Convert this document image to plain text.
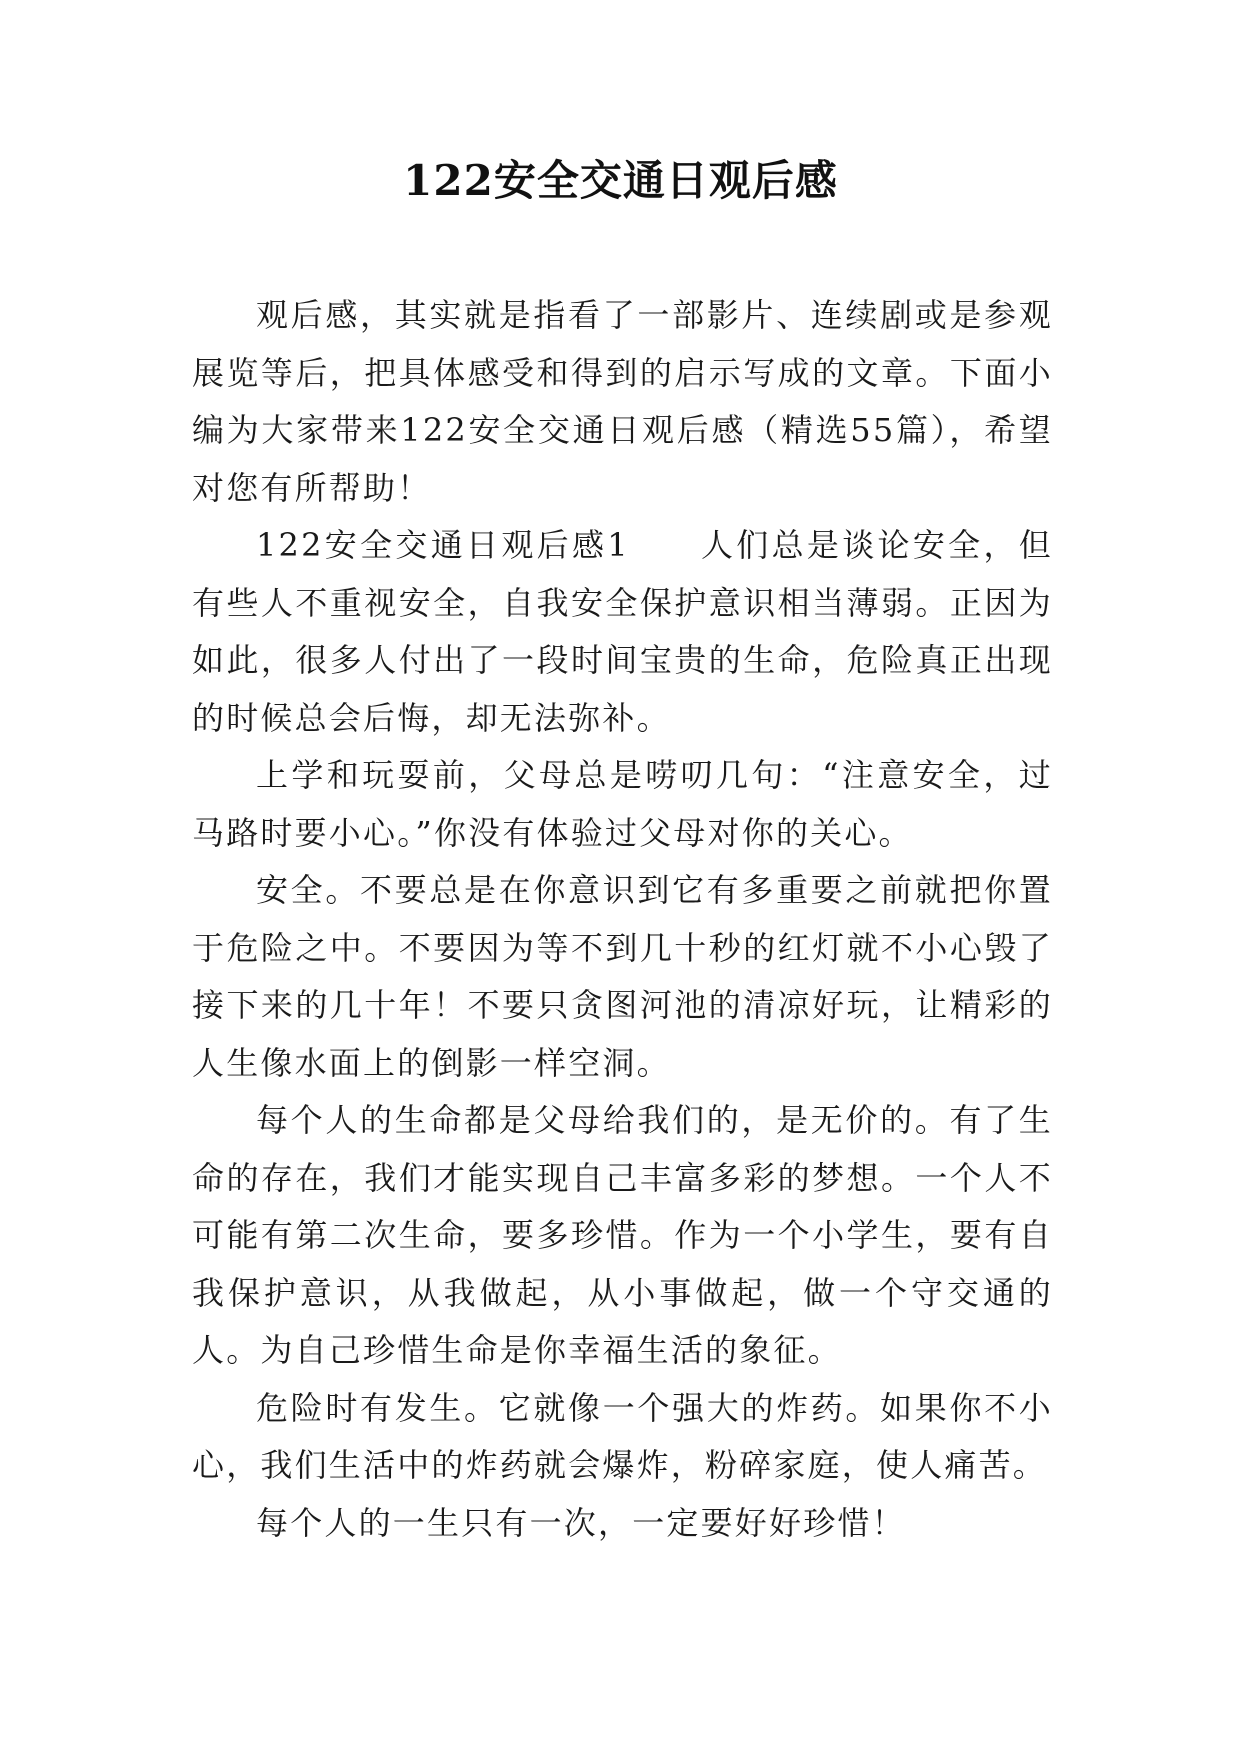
122安全交通日观后感

观后感，其实就是指看了一部影片、连续剧或是参观展览等后，把具体感受和得到的启示写成的文章。下面小编为大家带来122安全交通日观后感（精选55篇），希望对您有所帮助！

122安全交通日观后感1 人们总是谈论安全，但有些人不重视安全，自我安全保护意识相当薄弱。正因为如此，很多人付出了一段时间宝贵的生命，危险真正出现的时候总会后悔，却无法弥补。

上学和玩耍前，父母总是唠叨几句：“注意安全，过马路时要小心。”你没有体验过父母对你的关心。

安全。不要总是在你意识到它有多重要之前就把你置于危险之中。不要因为等不到几十秒的红灯就不小心毁了接下来的几十年！不要只贪图河池的清凉好玩，让精彩的人生像水面上的倒影一样空洞。

每个人的生命都是父母给我们的，是无价的。有了生命的存在，我们才能实现自己丰富多彩的梦想。一个人不可能有第二次生命，要多珍惜。作为一个小学生，要有自我保护意识，从我做起，从小事做起，做一个守交通的人。为自己珍惜生命是你幸福生活的象征。

危险时有发生。它就像一个强大的炸药。如果你不小心，我们生活中的炸药就会爆炸，粉碎家庭，使人痛苦。

每个人的一生只有一次，一定要好好珍惜！
